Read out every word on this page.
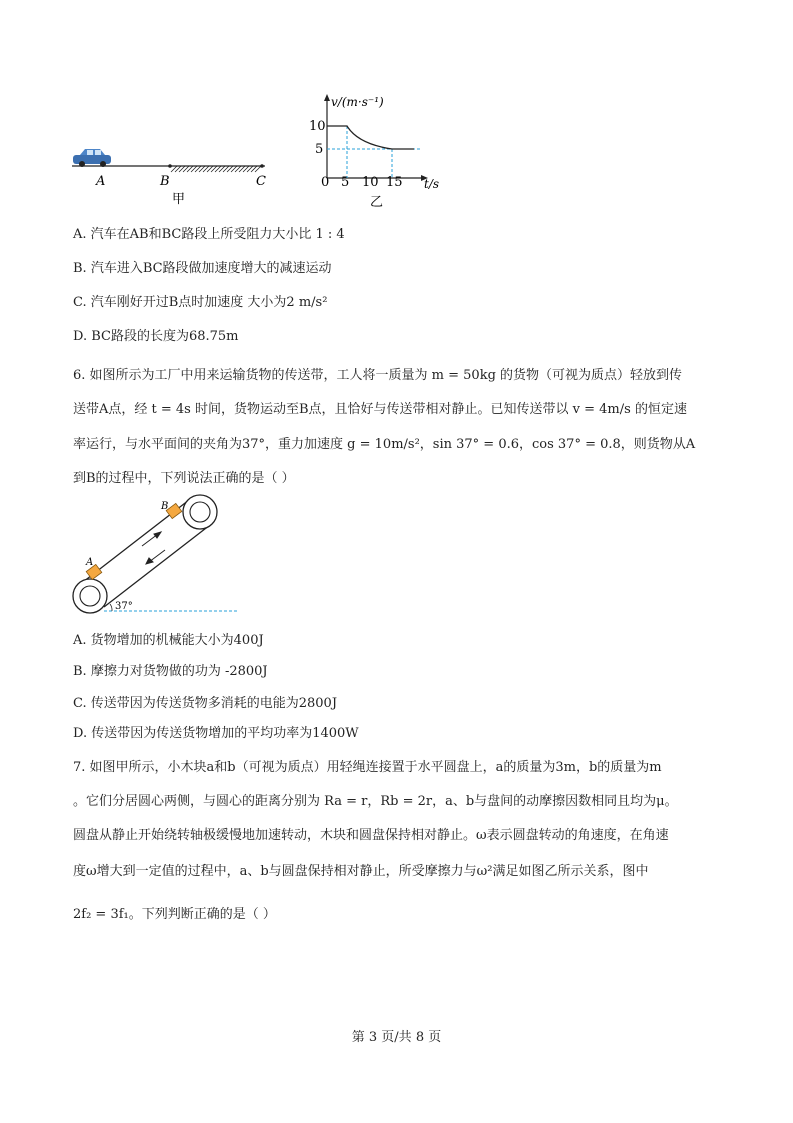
A	B	C
甲
v/(m·s⁻¹)
t/s
10
5
0 5 10 15
乙
A. 汽车在AB和BC路段上所受阻力大小比 1 : 4
B. 汽车进入BC路段做加速度增大的减速运动
C. 汽车刚好开过B点时加速度 大小为2 m/s²
D. BC路段的长度为68.75m
6. 如图所示为工厂中用来运输货物的传送带，工人将一质量为 m = 50kg 的货物（可视为质点）轻放到传
送带A点，经 t = 4s 时间，货物运动至B点，且恰好与传送带相对静止。已知传送带以 v = 4m/s 的恒定速
率运行，与水平面间的夹角为37°，重力加速度 g = 10m/s²，sin 37° = 0.6，cos 37° = 0.8，则货物从A
到B的过程中，下列说法正确的是（ ）
A
B
37°
A. 货物增加的机械能大小为400J
B. 摩擦力对货物做的功为 -2800J
C. 传送带因为传送货物多消耗的电能为2800J
D. 传送带因为传送货物增加的平均功率为1400W
7. 如图甲所示，小木块a和b（可视为质点）用轻绳连接置于水平圆盘上，a的质量为3m，b的质量为m
。它们分居圆心两侧，与圆心的距离分别为 Ra = r，Rb = 2r，a、b与盘间的动摩擦因数相同且均为μ。
圆盘从静止开始绕转轴极缓慢地加速转动，木块和圆盘保持相对静止。ω表示圆盘转动的角速度，在角速
度ω增大到一定值的过程中，a、b与圆盘保持相对静止，所受摩擦力与ω²满足如图乙所示关系，图中
2f₂ = 3f₁。下列判断正确的是（ ）
第 3 页/共 8 页
